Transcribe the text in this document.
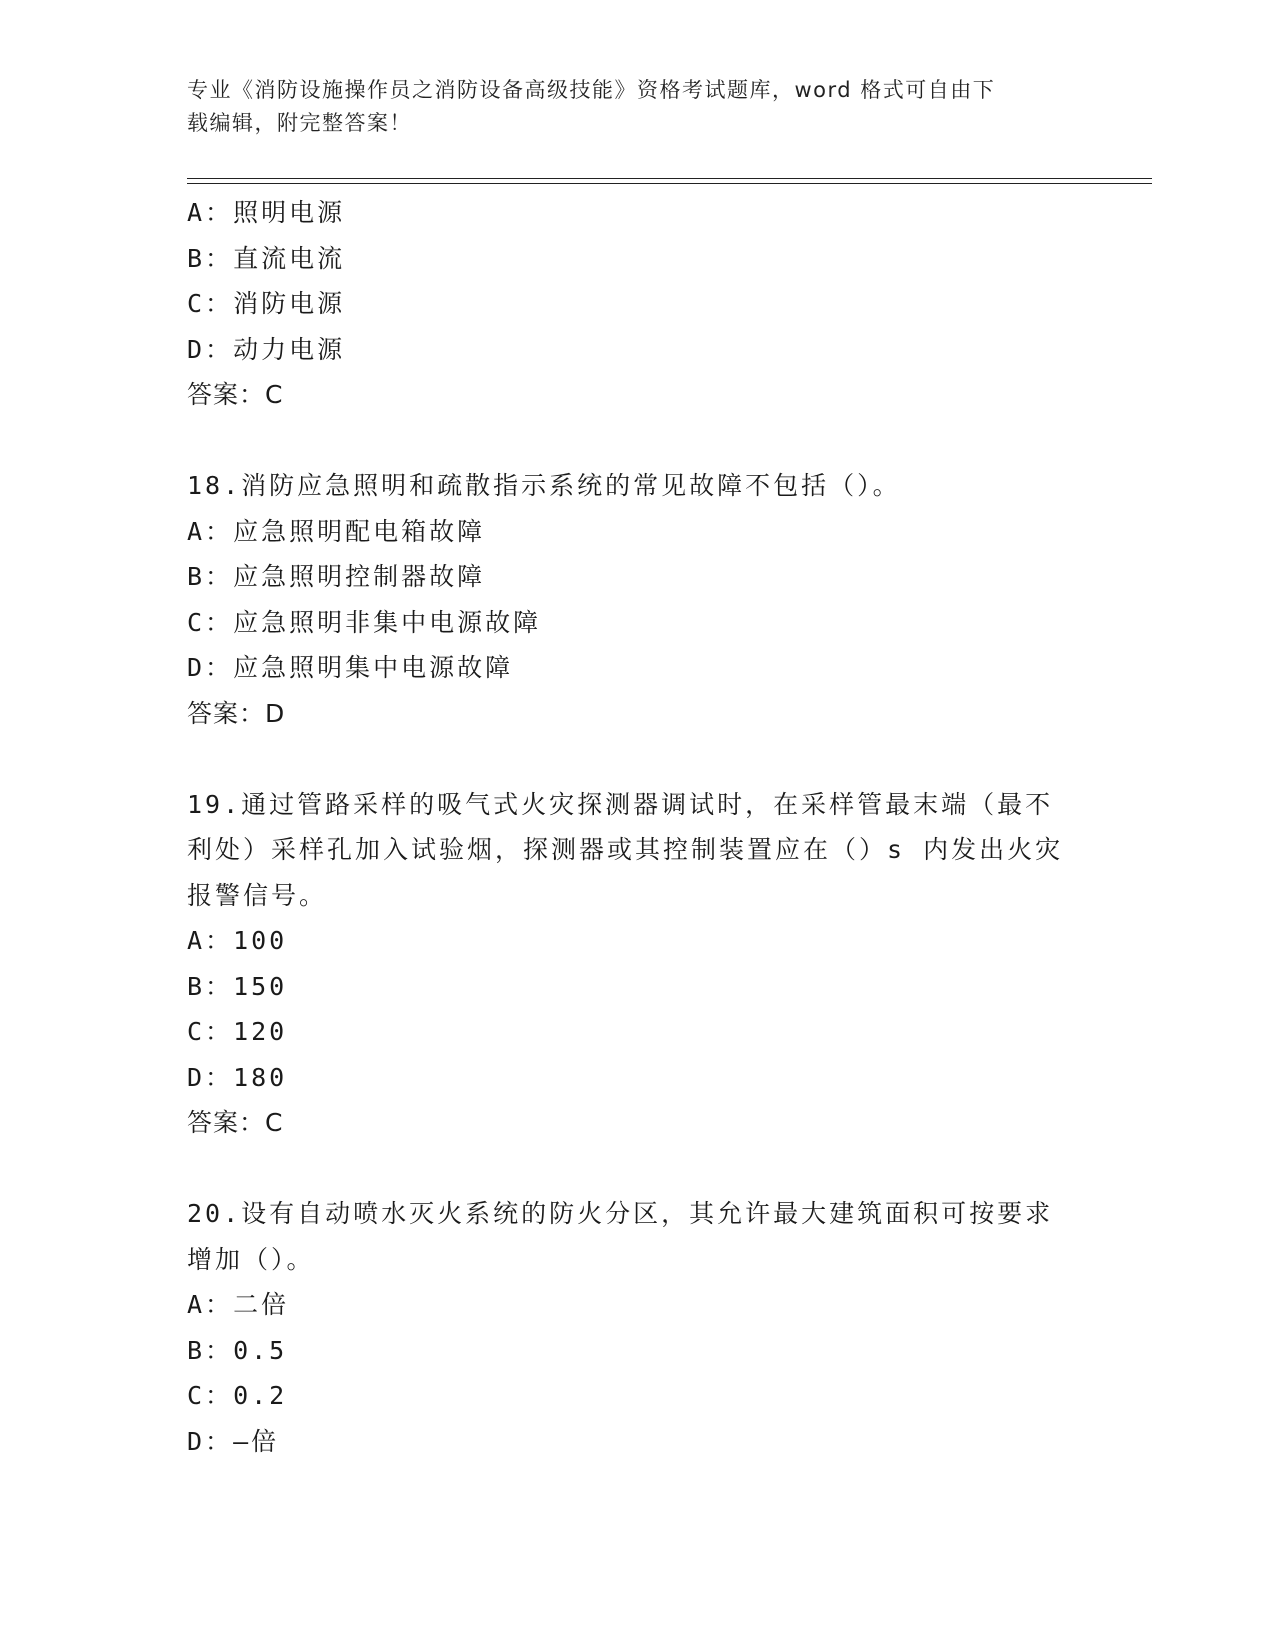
专业《消防设施操作员之消防设备高级技能》资格考试题库，word 格式可自由下
载编辑，附完整答案！
A：照明电源
B：直流电流
C：消防电源
D：动力电源
答案：C
18.消防应急照明和疏散指示系统的常见故障不包括（）。
A：应急照明配电箱故障
B：应急照明控制器故障
C：应急照明非集中电源故障
D：应急照明集中电源故障
答案：D
19.通过管路采样的吸气式火灾探测器调试时，在采样管最末端（最不
利处）采样孔加入试验烟，探测器或其控制装置应在（）s 内发出火灾
报警信号。
A：100
B：150
C：120
D：180
答案：C
20.设有自动喷水灭火系统的防火分区，其允许最大建筑面积可按要求
增加（）。
A：二倍
B：0.5
C：0.2
D：—倍
